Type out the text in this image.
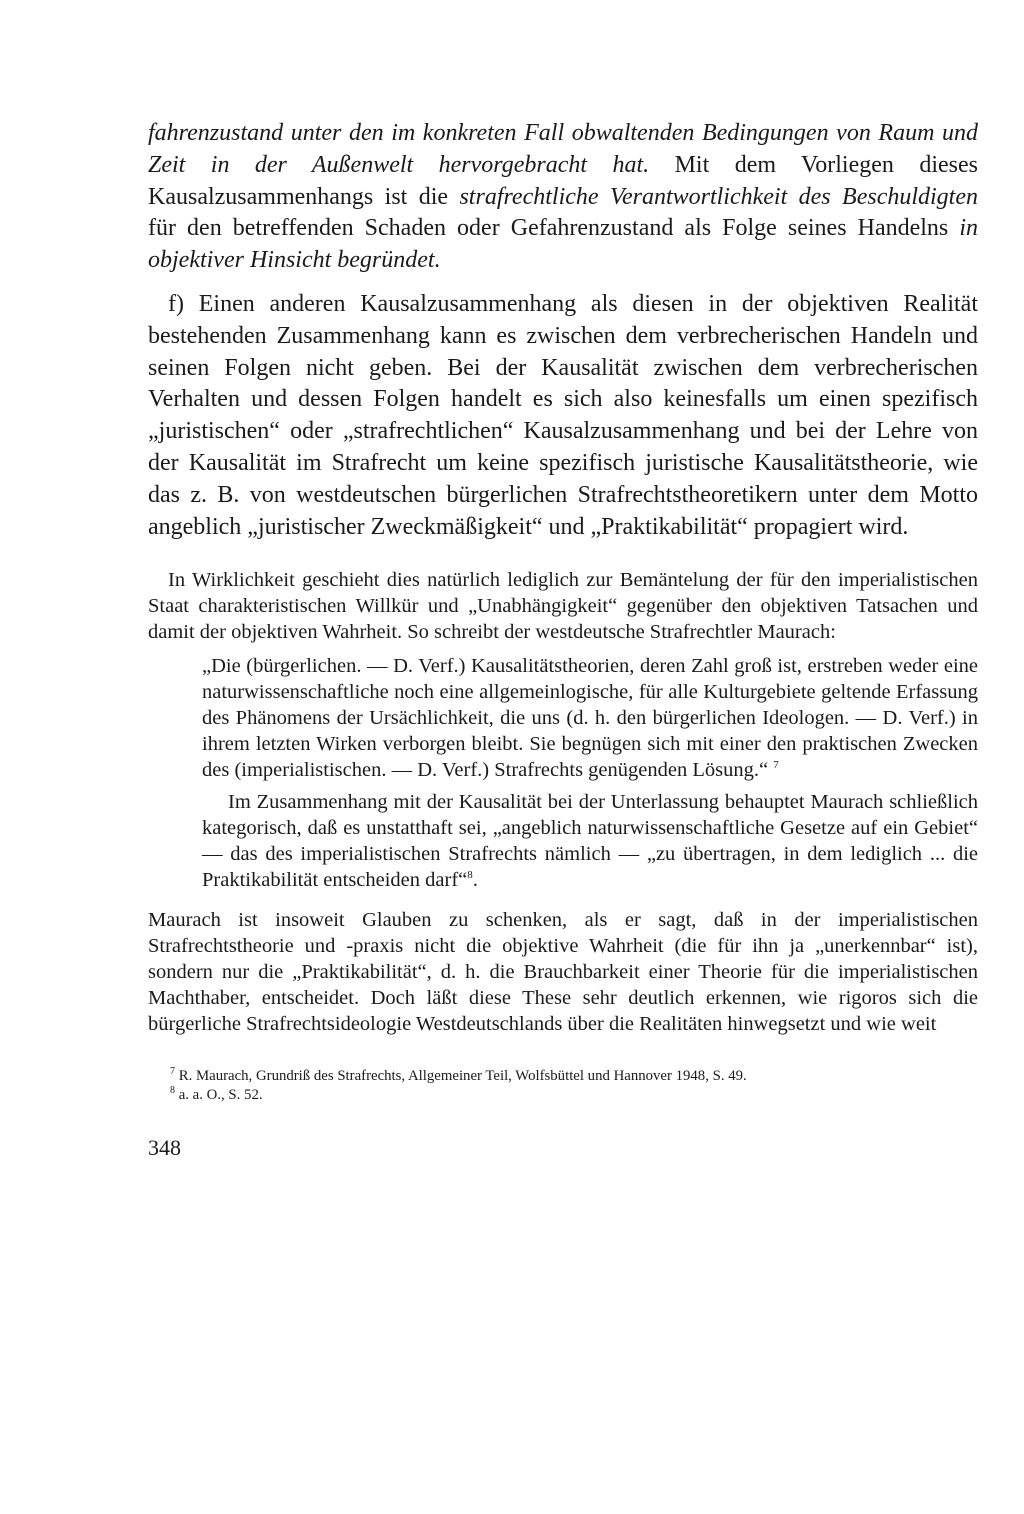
fahrenzustand unter den im konkreten Fall obwaltenden Bedingungen von Raum und Zeit in der Außenwelt hervorgebracht hat. Mit dem Vorliegen dieses Kausalzusammenhangs ist die strafrechtliche Verantwortlichkeit des Beschuldigten für den betreffenden Schaden oder Gefahrenzustand als Folge seines Handelns in objektiver Hinsicht begründet.

f) Einen anderen Kausalzusammenhang als diesen in der objektiven Realität bestehenden Zusammenhang kann es zwischen dem verbrecherischen Handeln und seinen Folgen nicht geben. Bei der Kausalität zwischen dem verbrecherischen Verhalten und dessen Folgen handelt es sich also keinesfalls um einen spezifisch „juristischen“ oder „strafrechtlichen“ Kausalzusammenhang und bei der Lehre von der Kausalität im Strafrecht um keine spezifisch juristische Kausalitätstheorie, wie das z. B. von westdeutschen bürgerlichen Strafrechtstheoretikern unter dem Motto angeblich „juristischer Zweckmäßigkeit“ und „Praktikabilität“ propagiert wird.

In Wirklichkeit geschieht dies natürlich lediglich zur Bemäntelung der für den imperialistischen Staat charakteristischen Willkür und „Unabhängigkeit“ gegenüber den objektiven Tatsachen und damit der objektiven Wahrheit. So schreibt der westdeutsche Strafrechtler Maurach:

„Die (bürgerlichen. — D. Verf.) Kausalitätstheorien, deren Zahl groß ist, erstreben weder eine naturwissenschaftliche noch eine allgemeinlogische, für alle Kulturgebiete geltende Erfassung des Phänomens der Ursächlichkeit, die uns (d. h. den bürgerlichen Ideologen. — D. Verf.) in ihrem letzten Wirken verborgen bleibt. Sie begnügen sich mit einer den praktischen Zwecken des (imperialistischen. — D. Verf.) Strafrechts genügenden Lösung.“ $^7$

Im Zusammenhang mit der Kausalität bei der Unterlassung behauptet Maurach schließlich kategorisch, daß es unstatthaft sei, „angeblich naturwissenschaftliche Gesetze auf ein Gebiet“ — das des imperialistischen Strafrechts nämlich — „zu übertragen, in dem lediglich ... die Praktikabilität entscheiden darf“$^8$.

Maurach ist insoweit Glauben zu schenken, als er sagt, daß in der imperialistischen Strafrechtstheorie und -praxis nicht die objektive Wahrheit (die für ihn ja „unerkennbar“ ist), sondern nur die „Praktikabilität“, d. h. die Brauchbarkeit einer Theorie für die imperialistischen Machthaber, entscheidet. Doch läßt diese These sehr deutlich erkennen, wie rigoros sich die bürgerliche Strafrechtsideologie Westdeutschlands über die Realitäten hinwegsetzt und wie weit

$^7$ R. Maurach, Grundriß des Strafrechts, Allgemeiner Teil, Wolfsbüttel und Hannover 1948, S. 49.

$^8$ a. a. O., S. 52.

348
